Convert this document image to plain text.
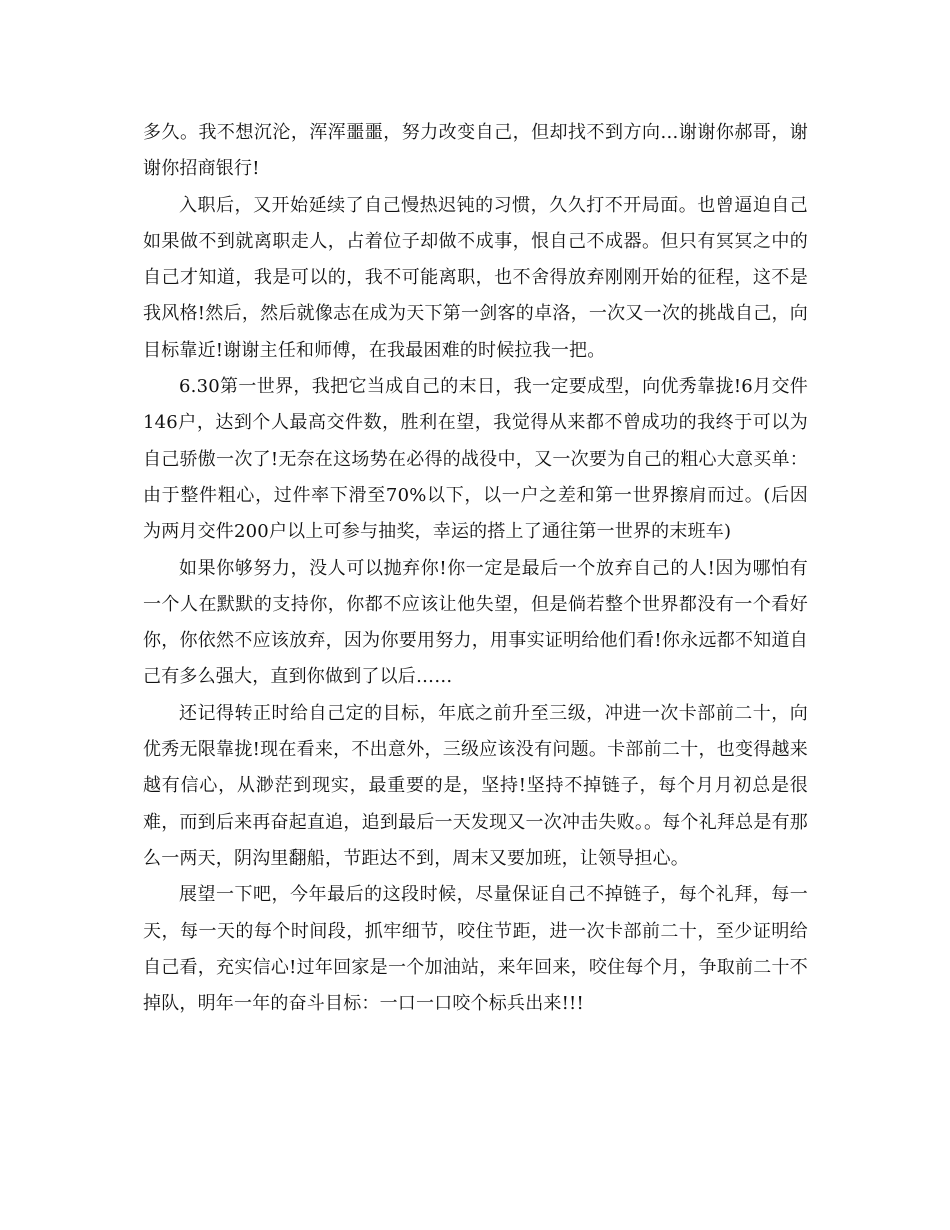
多久。我不想沉沦，浑浑噩噩，努力改变自己，但却找不到方向…谢谢你郝哥，谢谢你招商银行!

入职后，又开始延续了自己慢热迟钝的习惯，久久打不开局面。也曾逼迫自己如果做不到就离职走人，占着位子却做不成事，恨自己不成器。但只有冥冥之中的自己才知道，我是可以的，我不可能离职，也不舍得放弃刚刚开始的征程，这不是我风格!然后，然后就像志在成为天下第一剑客的卓洛，一次又一次的挑战自己，向目标靠近!谢谢主任和师傅，在我最困难的时候拉我一把。

6.30第一世界，我把它当成自己的末日，我一定要成型，向优秀靠拢!6月交件146户，达到个人最高交件数，胜利在望，我觉得从来都不曾成功的我终于可以为自己骄傲一次了!无奈在这场势在必得的战役中，又一次要为自己的粗心大意买单：由于整件粗心，过件率下滑至70%以下，以一户之差和第一世界擦肩而过。(后因为两月交件200户以上可参与抽奖，幸运的搭上了通往第一世界的末班车)

如果你够努力，没人可以抛弃你!你一定是最后一个放弃自己的人!因为哪怕有一个人在默默的支持你，你都不应该让他失望，但是倘若整个世界都没有一个看好你，你依然不应该放弃，因为你要用努力，用事实证明给他们看!你永远都不知道自己有多么强大，直到你做到了以后……

还记得转正时给自己定的目标，年底之前升至三级，冲进一次卡部前二十，向优秀无限靠拢!现在看来，不出意外，三级应该没有问题。卡部前二十，也变得越来越有信心，从渺茫到现实，最重要的是，坚持!坚持不掉链子，每个月月初总是很难，而到后来再奋起直追，追到最后一天发现又一次冲击失败。。每个礼拜总是有那么一两天，阴沟里翻船，节距达不到，周末又要加班，让领导担心。

展望一下吧，今年最后的这段时候，尽量保证自己不掉链子，每个礼拜，每一天，每一天的每个时间段，抓牢细节，咬住节距，进一次卡部前二十，至少证明给自己看，充实信心!过年回家是一个加油站，来年回来，咬住每个月，争取前二十不掉队，明年一年的奋斗目标：一口一口咬个标兵出来!!!
